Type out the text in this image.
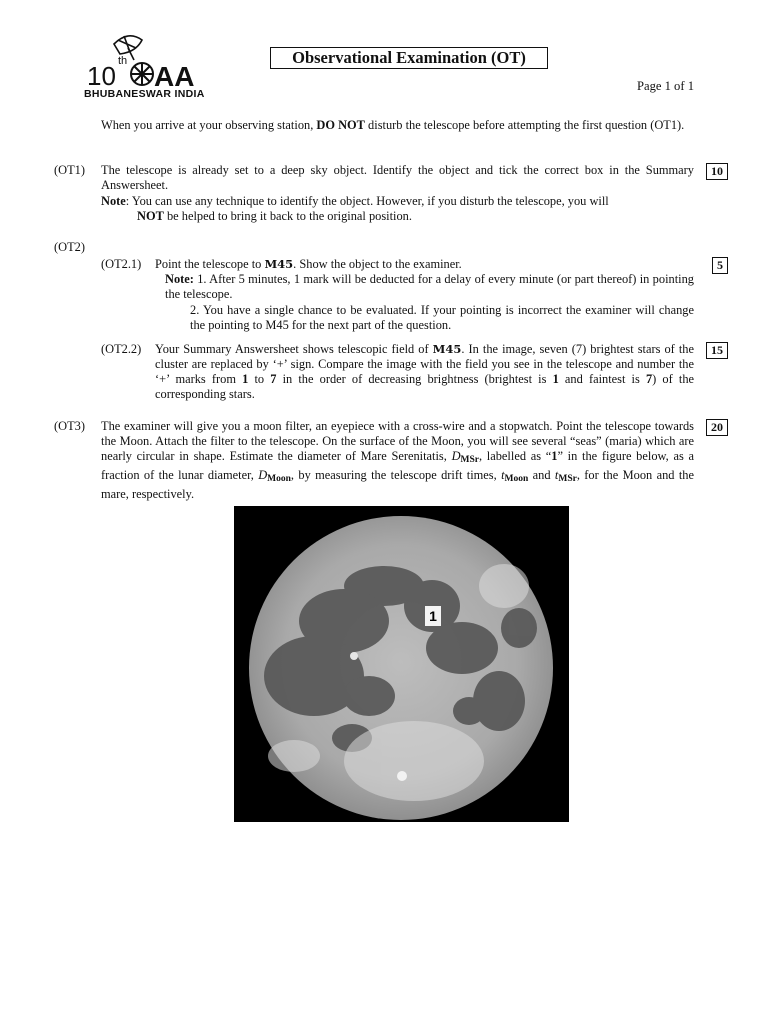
10 th AA
BHUBANESWAR INDIA
Observational Examination (OT)
Page 1 of 1
When you arrive at your observing station, DO NOT disturb the telescope before attempting the first question (OT1).
(OT1) The telescope is already set to a deep sky object. Identify the object and tick the correct box in the Summary Answersheet.
10
Note: You can use any technique to identify the object. However, if you disturb the telescope, you will
NOT be helped to bring it back to the original position.
(OT2)
(OT2.1) Point the telescope to M45. Show the object to the examiner.	5
Note: 1. After 5 minutes, 1 mark will be deducted for a delay of every minute (or part thereof) in pointing the telescope.
2. You have a single chance to be evaluated. If your pointing is incorrect the examiner will change the pointing to M45 for the next part of the question.
(OT2.2) Your Summary Answersheet shows telescopic field of M45. In the image, seven (7) brightest stars of the cluster are replaced by ‘+’ sign. Compare the image with the field you see in the telescope and number the ‘+’ marks from 1 to 7 in the order of decreasing brightness (brightest is 1 and faintest is 7) of the corresponding stars.
15
(OT3) The examiner will give you a moon filter, an eyepiece with a cross-wire and a stopwatch. Point the telescope towards the Moon. Attach the filter to the telescope. On the surface of the Moon, you will see several “seas” (maria) which are nearly circular in shape. Estimate the diameter of Mare Serenitatis, $D_{MSr}$, labelled as “1” in the figure below, as a fraction of the lunar diameter, $D_{Moon}$, by measuring the telescope drift times, $t_{Moon}$ and $t_{MSr}$, for the Moon and the mare, respectively.
20
1
